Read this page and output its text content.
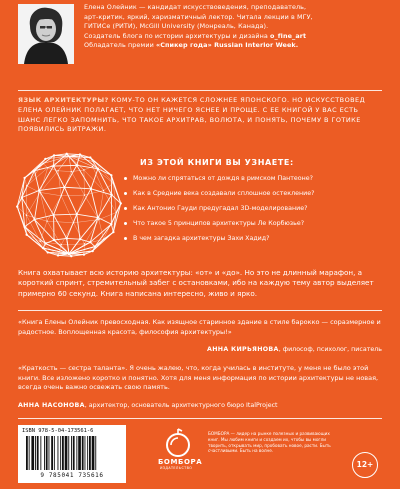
Елена Олейник — кандидат искусствоведения, преподаватель,
арт-критик, яркий, харизматичный лектор. Читала лекции в МГУ,
ГИТИСе (РИТИ), McGill University (Монреаль, Канада).
Создатель блога по истории архитектуры и дизайна o_fine_art
Обладатель премии «Спикер года» Russian Interior Week.
ЯЗЫК АРХИТЕКТУРЫ? КОМУ-ТО ОН КАЖЕТСЯ СЛОЖНЕЕ ЯПОНСКОГО. НО ИСКУССТВОВЕД ЕЛЕНА ОЛЕЙНИК ПОЛАГАЕТ, ЧТО НЕТ НИЧЕГО ЯСНЕЕ И ПРОЩЕ. С ЕЕ КНИГОЙ У ВАС ЕСТЬ ШАНС ЛЕГКО ЗАПОМНИТЬ, ЧТО ТАКОЕ АРХИТРАВ, ВОЛЮТА, И ПОНЯТЬ, ПОЧЕМУ В ГОТИКЕ ПОЯВИЛИСЬ ВИТРАЖИ.
ИЗ ЭТОЙ КНИГИ ВЫ УЗНАЕТЕ:
Можно ли спрятаться от дождя в римском Пантеоне?
Как в Средние века создавали сплошное остекление?
Как Антонио Гауди предугадал 3D-моделирование?
Что такое 5 принципов архитектуры Ле Корбюзье?
В чем загадка архитектуры Захи Хадид?
Книга охватывает всю историю архитектуры: «от» и «до». Но это не длинный марафон, а короткий спринт, стремительный забег с остановками, ибо на каждую тему автор выделяет примерно 60 секунд. Книга написана интересно, живо и ярко.
«Книга Елены Олейник превосходная. Как изящное старинное здание в стиле барокко — соразмерное и радостное. Воплощенная красота, философия архитектуры!»
АННА КИРЬЯНОВА, философ, психолог, писатель
«Краткость — сестра таланта». Я очень жалею, что, когда училась в институте, у меня не было этой книги. Все изложено коротко и понятно. Хотя для меня информация по истории архитектуры не новая, всегда очень важно освежать свою память.
АННА НАСОНОВА, архитектор, основатель архитектурного бюро ItalProject
ISBN 978-5-04-173561-6
9 785041 735616
БОМБОРА
ИЗДАТЕЛЬСТВО
БОМБОРА — лидер на рынке полезных и развивающих книг. Мы любим книги и создаем их, чтобы вы могли творить, открывать мир, пробовать новое, расти. Быть счастливыми. Быть на волне.
12+
